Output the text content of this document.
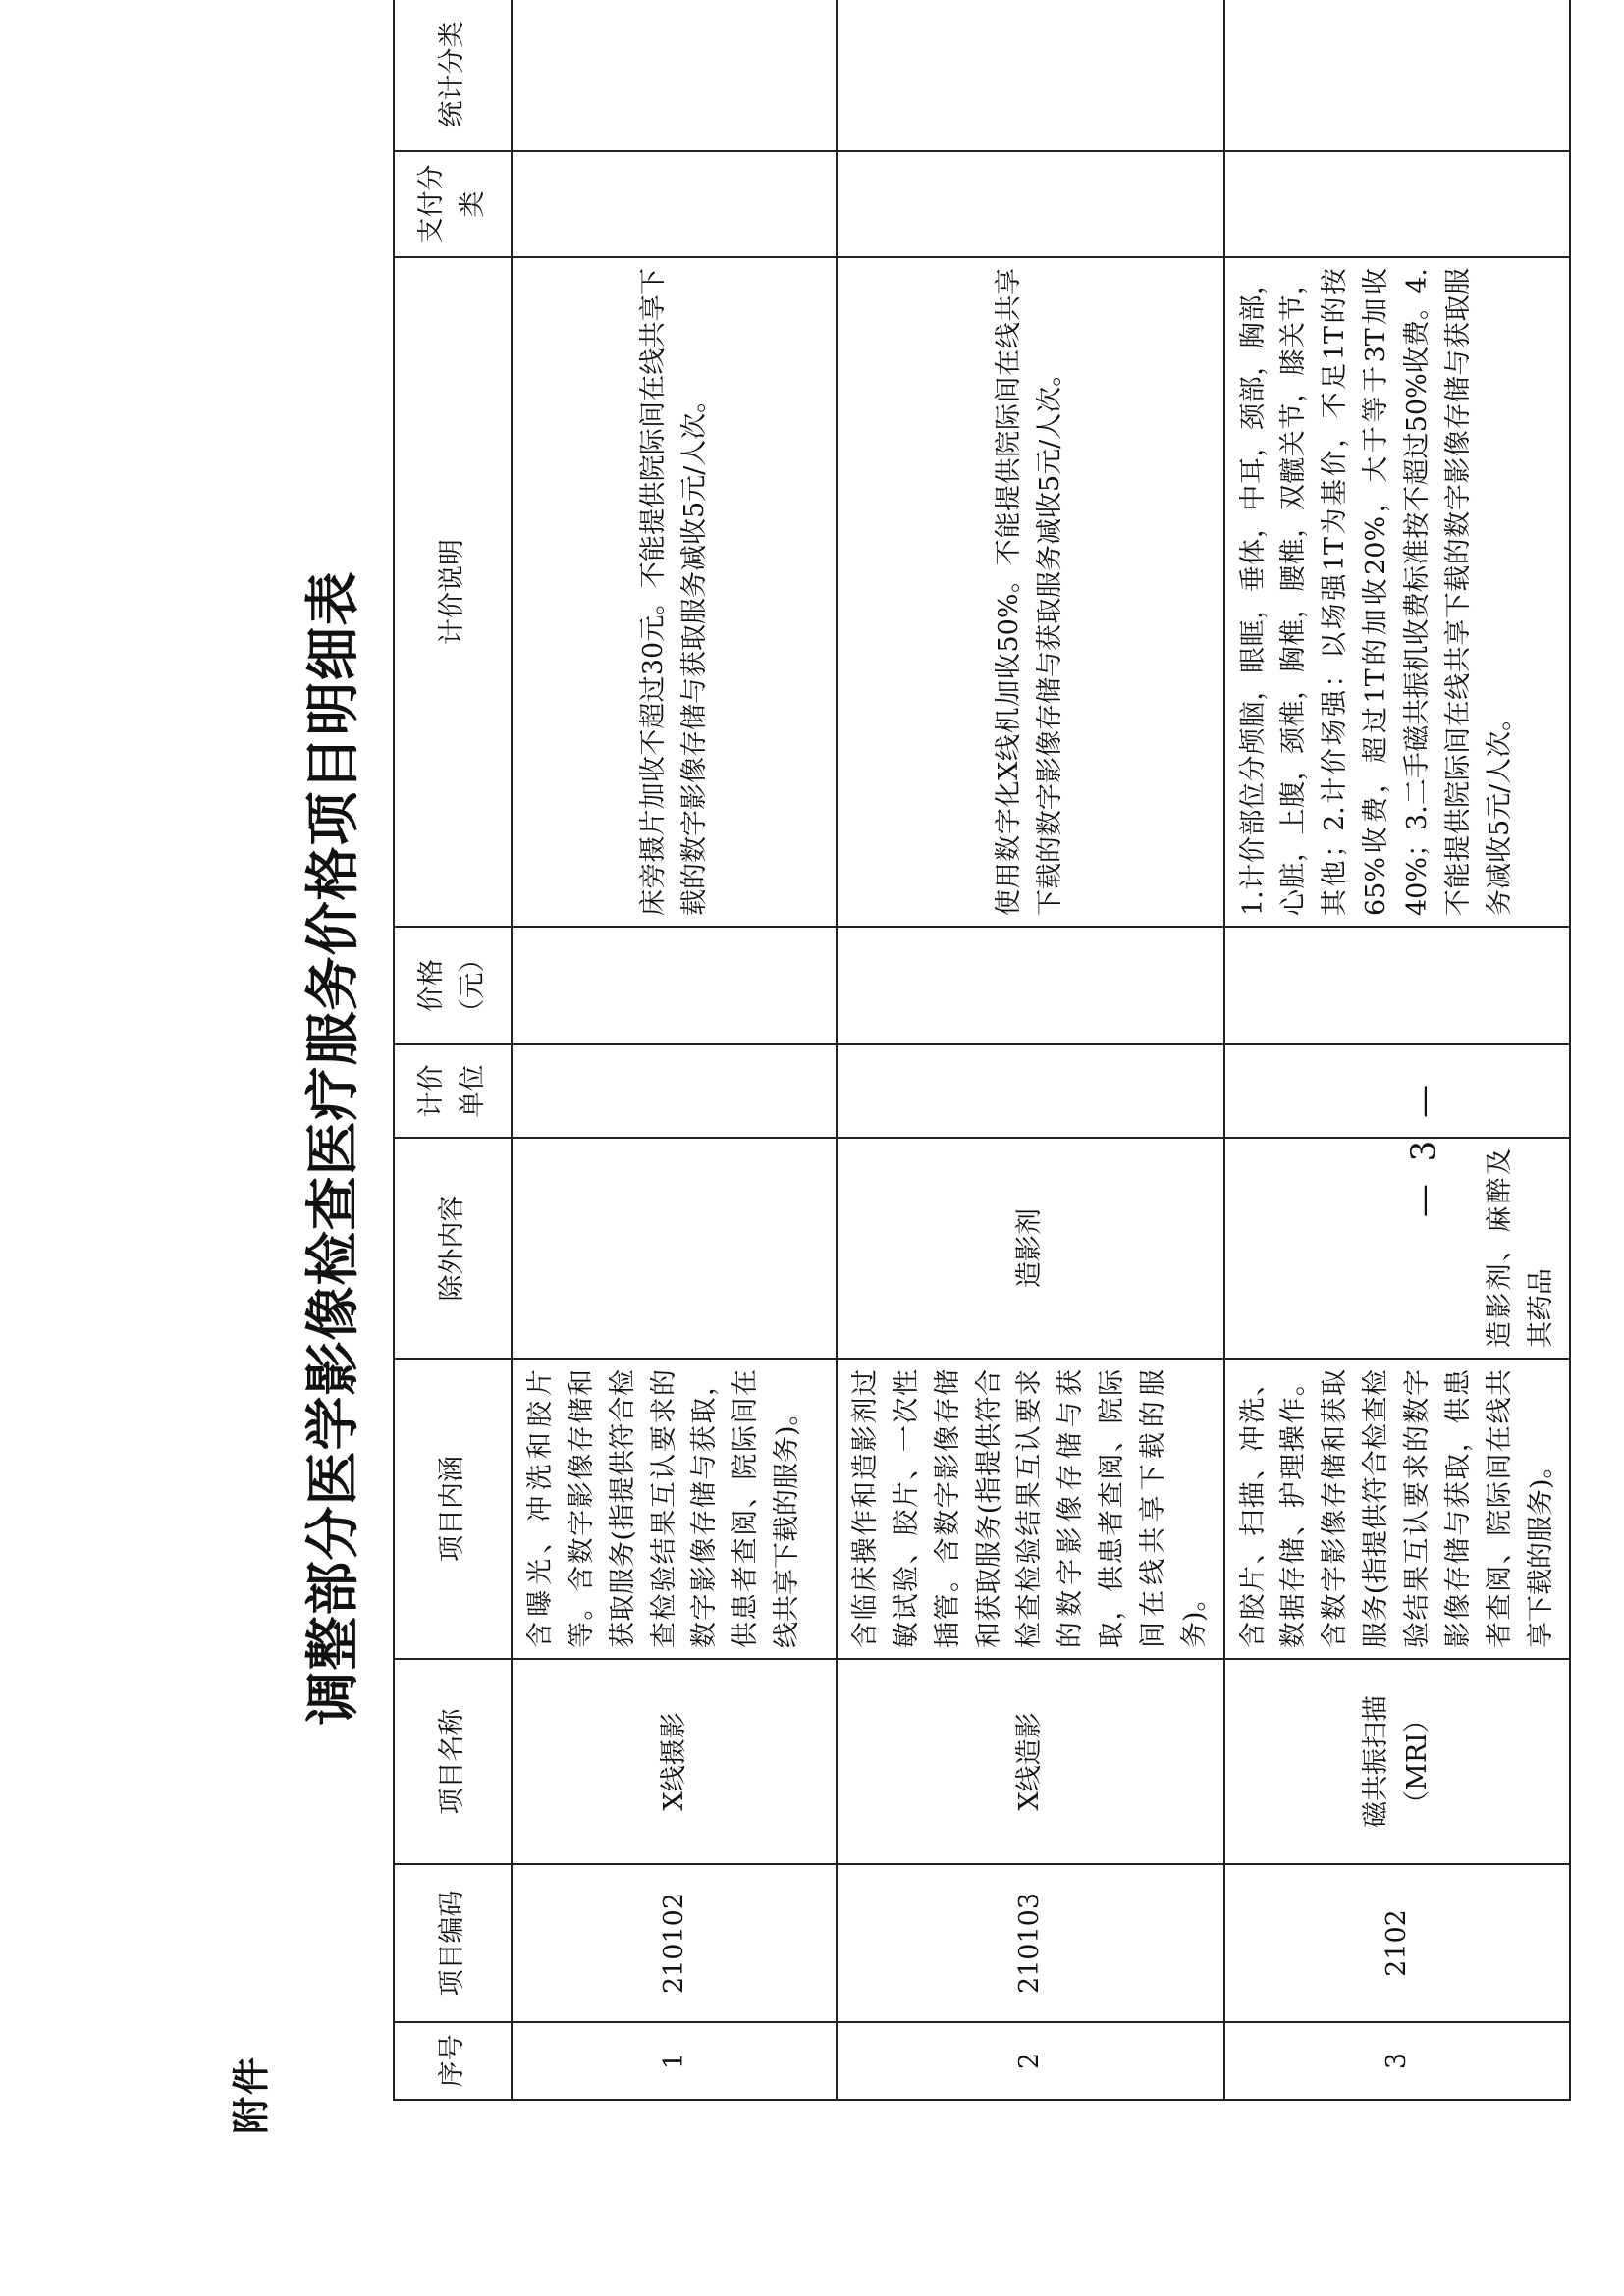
附件
调整部分医学影像检查医疗服务价格项目明细表
序号	项目编码	项目名称	项目内涵	除外内容	计价单位	价格（元）	计价说明	支付分类	统计分类
1	210102	X线摄影	含曝光、冲洗和胶片等。含数字影像存储和获取服务(指提供符合检查检验结果互认要求的数字影像存储与获取，供患者查阅、院际间在线共享下载的服务)。				床旁摄片加收不超过30元。不能提供院际间在线共享下载的数字影像存储与获取服务减收5元/人次。		
2	210103	X线造影	含临床操作和造影剂过敏试验、胶片、一次性插管。含数字影像存储和获取服务(指提供符合检查检验结果互认要求的数字影像存储与获取，供患者查阅、院际间在线共享下载的服务)。	造影剂			使用数字化X线机加收50%。不能提供院际间在线共享下载的数字影像存储与获取服务减收5元/人次。		
3	2102	磁共振扫描（MRI）	含胶片、扫描、冲洗、数据存储、护理操作。含数字影像存储和获取服务(指提供符合检查检验结果互认要求的数字影像存储与获取，供患者查阅、院际间在线共享下载的服务)。	造影剂、麻醉及其药品			1.计价部位分颅脑，眼眶，垂体，中耳，颈部，胸部，心脏，上腹，颈椎，胸椎，腰椎，双髋关节，膝关节，其他；2.计价场强：以场强1T为基价，不足1T的按65%收费，超过1T的加收20%，大于等于3T加收40%；3.二手磁共振机收费标准按不超过50%收费。4.不能提供院际间在线共享下载的数字影像存储与获取服务减收5元/人次。		
— 3 —
